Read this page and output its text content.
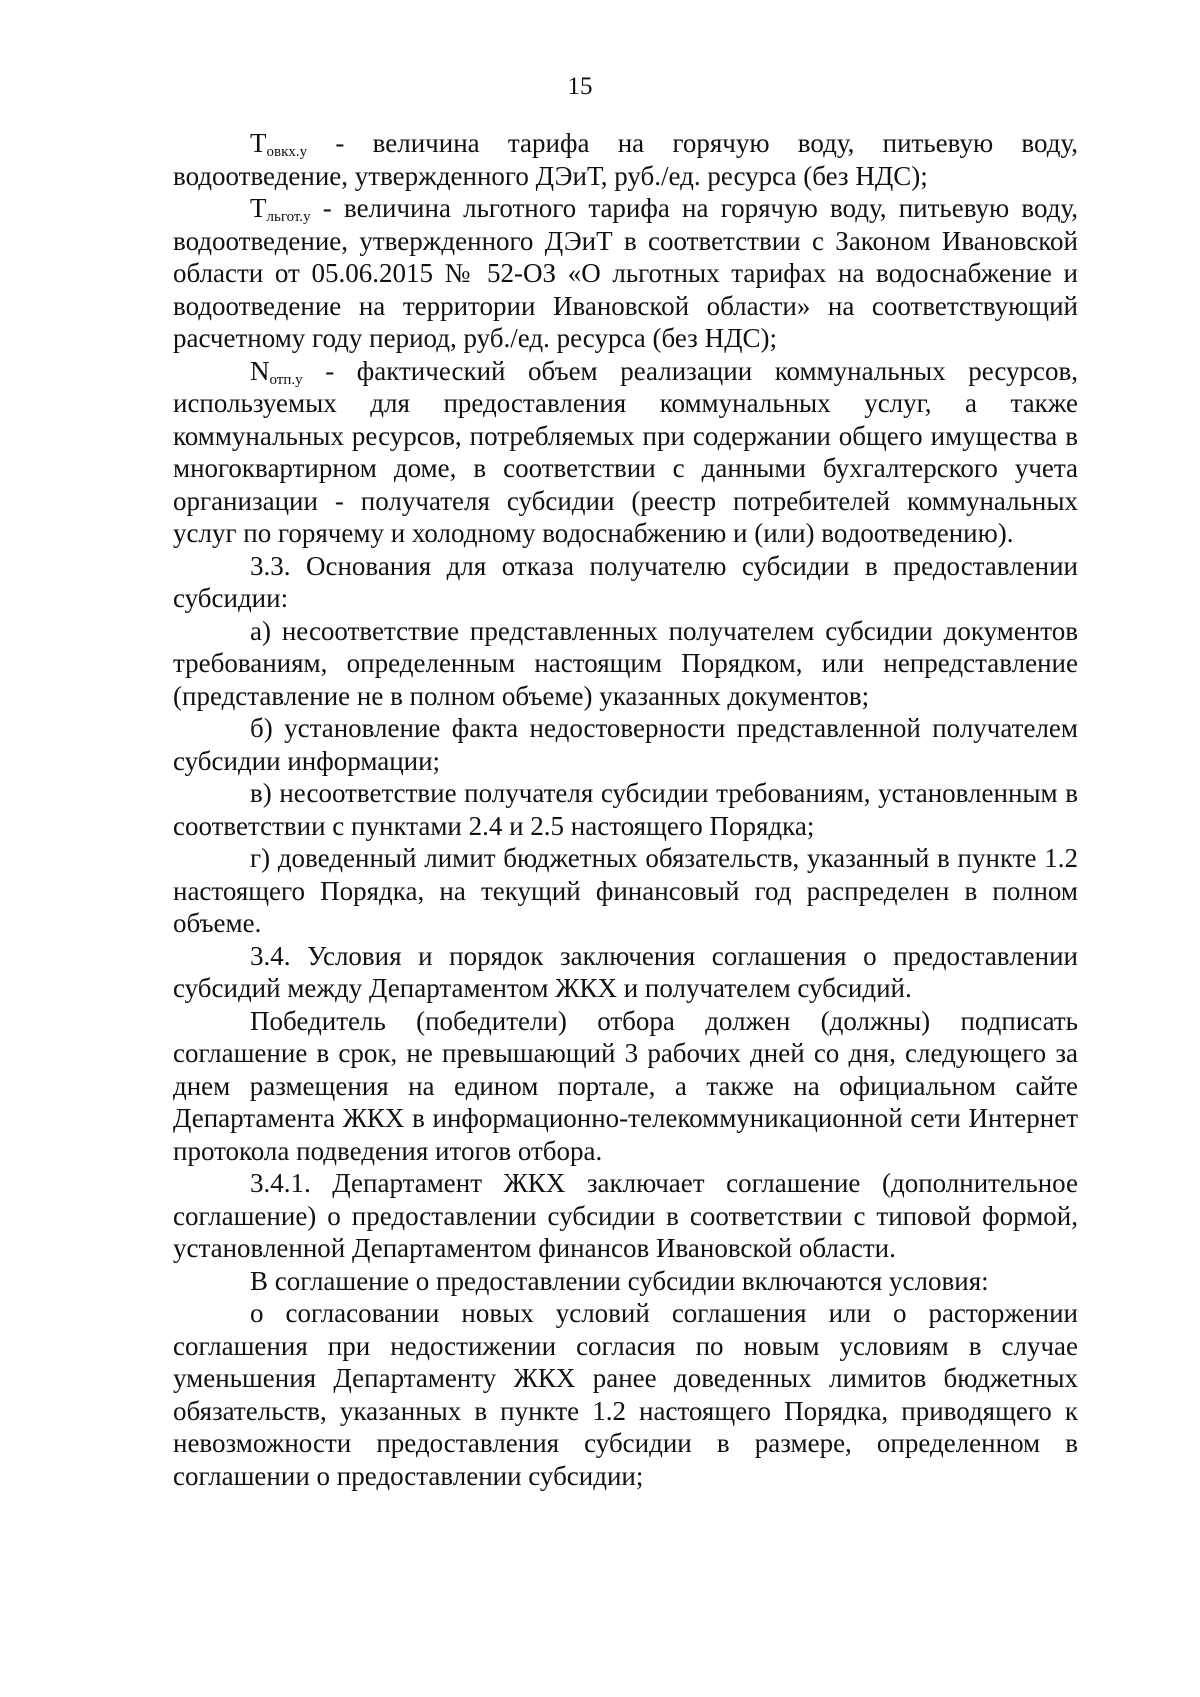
15

$T_{овкх.у}$ - величина тарифа на горячую воду, питьевую воду, водоотведение, утвержденного ДЭиТ, руб./ед. ресурса (без НДС);

$T_{льгот.у}$ - величина льготного тарифа на горячую воду, питьевую воду, водоотведение, утвержденного ДЭиТ в соответствии с Законом Ивановской области от 05.06.2015 № 52-ОЗ «О льготных тарифах на водоснабжение и водоотведение на территории Ивановской области» на соответствующий расчетному году период, руб./ед. ресурса (без НДС);

$N_{отп.у}$ - фактический объем реализации коммунальных ресурсов, используемых для предоставления коммунальных услуг, а также коммунальных ресурсов, потребляемых при содержании общего имущества в многоквартирном доме, в соответствии с данными бухгалтерского учета организации - получателя субсидии (реестр потребителей коммунальных услуг по горячему и холодному водоснабжению и (или) водоотведению).

3.3. Основания для отказа получателю субсидии в предоставлении субсидии:

а) несоответствие представленных получателем субсидии документов требованиям, определенным настоящим Порядком, или непредставление (представление не в полном объеме) указанных документов;

б) установление факта недостоверности представленной получателем субсидии информации;

в) несоответствие получателя субсидии требованиям, установленным в соответствии с пунктами 2.4 и 2.5 настоящего Порядка;

г) доведенный лимит бюджетных обязательств, указанный в пункте 1.2 настоящего Порядка, на текущий финансовый год распределен в полном объеме.

3.4. Условия и порядок заключения соглашения о предоставлении субсидий между Департаментом ЖКХ и получателем субсидий.

Победитель (победители) отбора должен (должны) подписать соглашение в срок, не превышающий 3 рабочих дней со дня, следующего за днем размещения на едином портале, а также на официальном сайте Департамента ЖКХ в информационно-телекоммуникационной сети Интернет протокола подведения итогов отбора.

3.4.1. Департамент ЖКХ заключает соглашение (дополнительное соглашение) о предоставлении субсидии в соответствии с типовой формой, установленной Департаментом финансов Ивановской области.

В соглашение о предоставлении субсидии включаются условия:

о согласовании новых условий соглашения или о расторжении соглашения при недостижении согласия по новым условиям в случае уменьшения Департаменту ЖКХ ранее доведенных лимитов бюджетных обязательств, указанных в пункте 1.2 настоящего Порядка, приводящего к невозможности предоставления субсидии в размере, определенном в соглашении о предоставлении субсидии;
